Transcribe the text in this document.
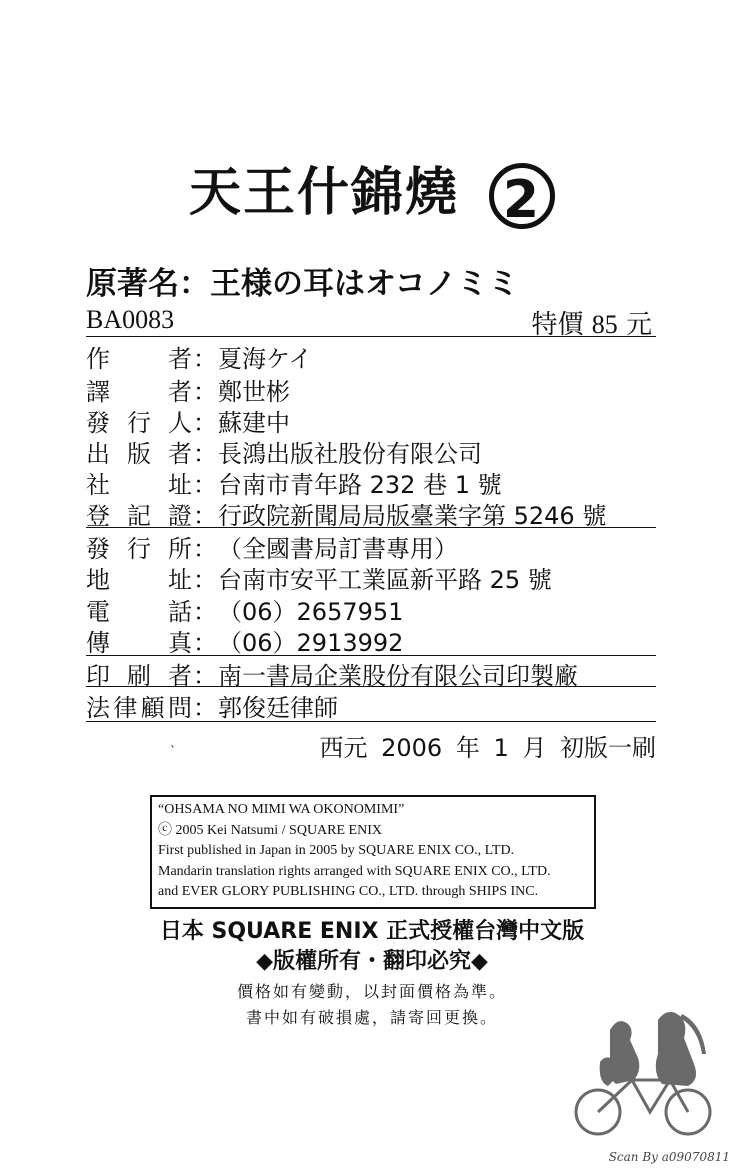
天王什錦燒 2
原著名：王様の耳はオコノミミ
BA0083	特價 85 元
作者 ： 夏海ケイ
譯者 ： 鄭世彬
發行人 ： 蘇建中
出版者 ： 長鴻出版社股份有限公司
社址 ： 台南市青年路 232 巷 1 號
登記證 ： 行政院新聞局局版臺業字第 5246 號
發行所 ： （全國書局訂書專用）
地址 ： 台南市安平工業區新平路 25 號
電話 ： （06）2657951
傳真 ： （06）2913992
印刷者 ： 南一書局企業股份有限公司印製廠
法律顧問 ： 郭俊廷律師
西元 2006 年 1 月 初版一刷
ˋ
“OHSAMA NO MIMI WA OKONOMIMI”
ⓒ 2005 Kei Natsumi / SQUARE ENIX
First published in Japan in 2005 by SQUARE ENIX CO., LTD.
Mandarin translation rights arranged with SQUARE ENIX CO., LTD.
and EVER GLORY PUBLISHING CO., LTD. through SHIPS INC.
日本 SQUARE ENIX 正式授權台灣中文版
◆版權所有・翻印必究◆
價格如有變動，以封面價格為準。
書中如有破損處，請寄回更換。
Scan By a09070811
